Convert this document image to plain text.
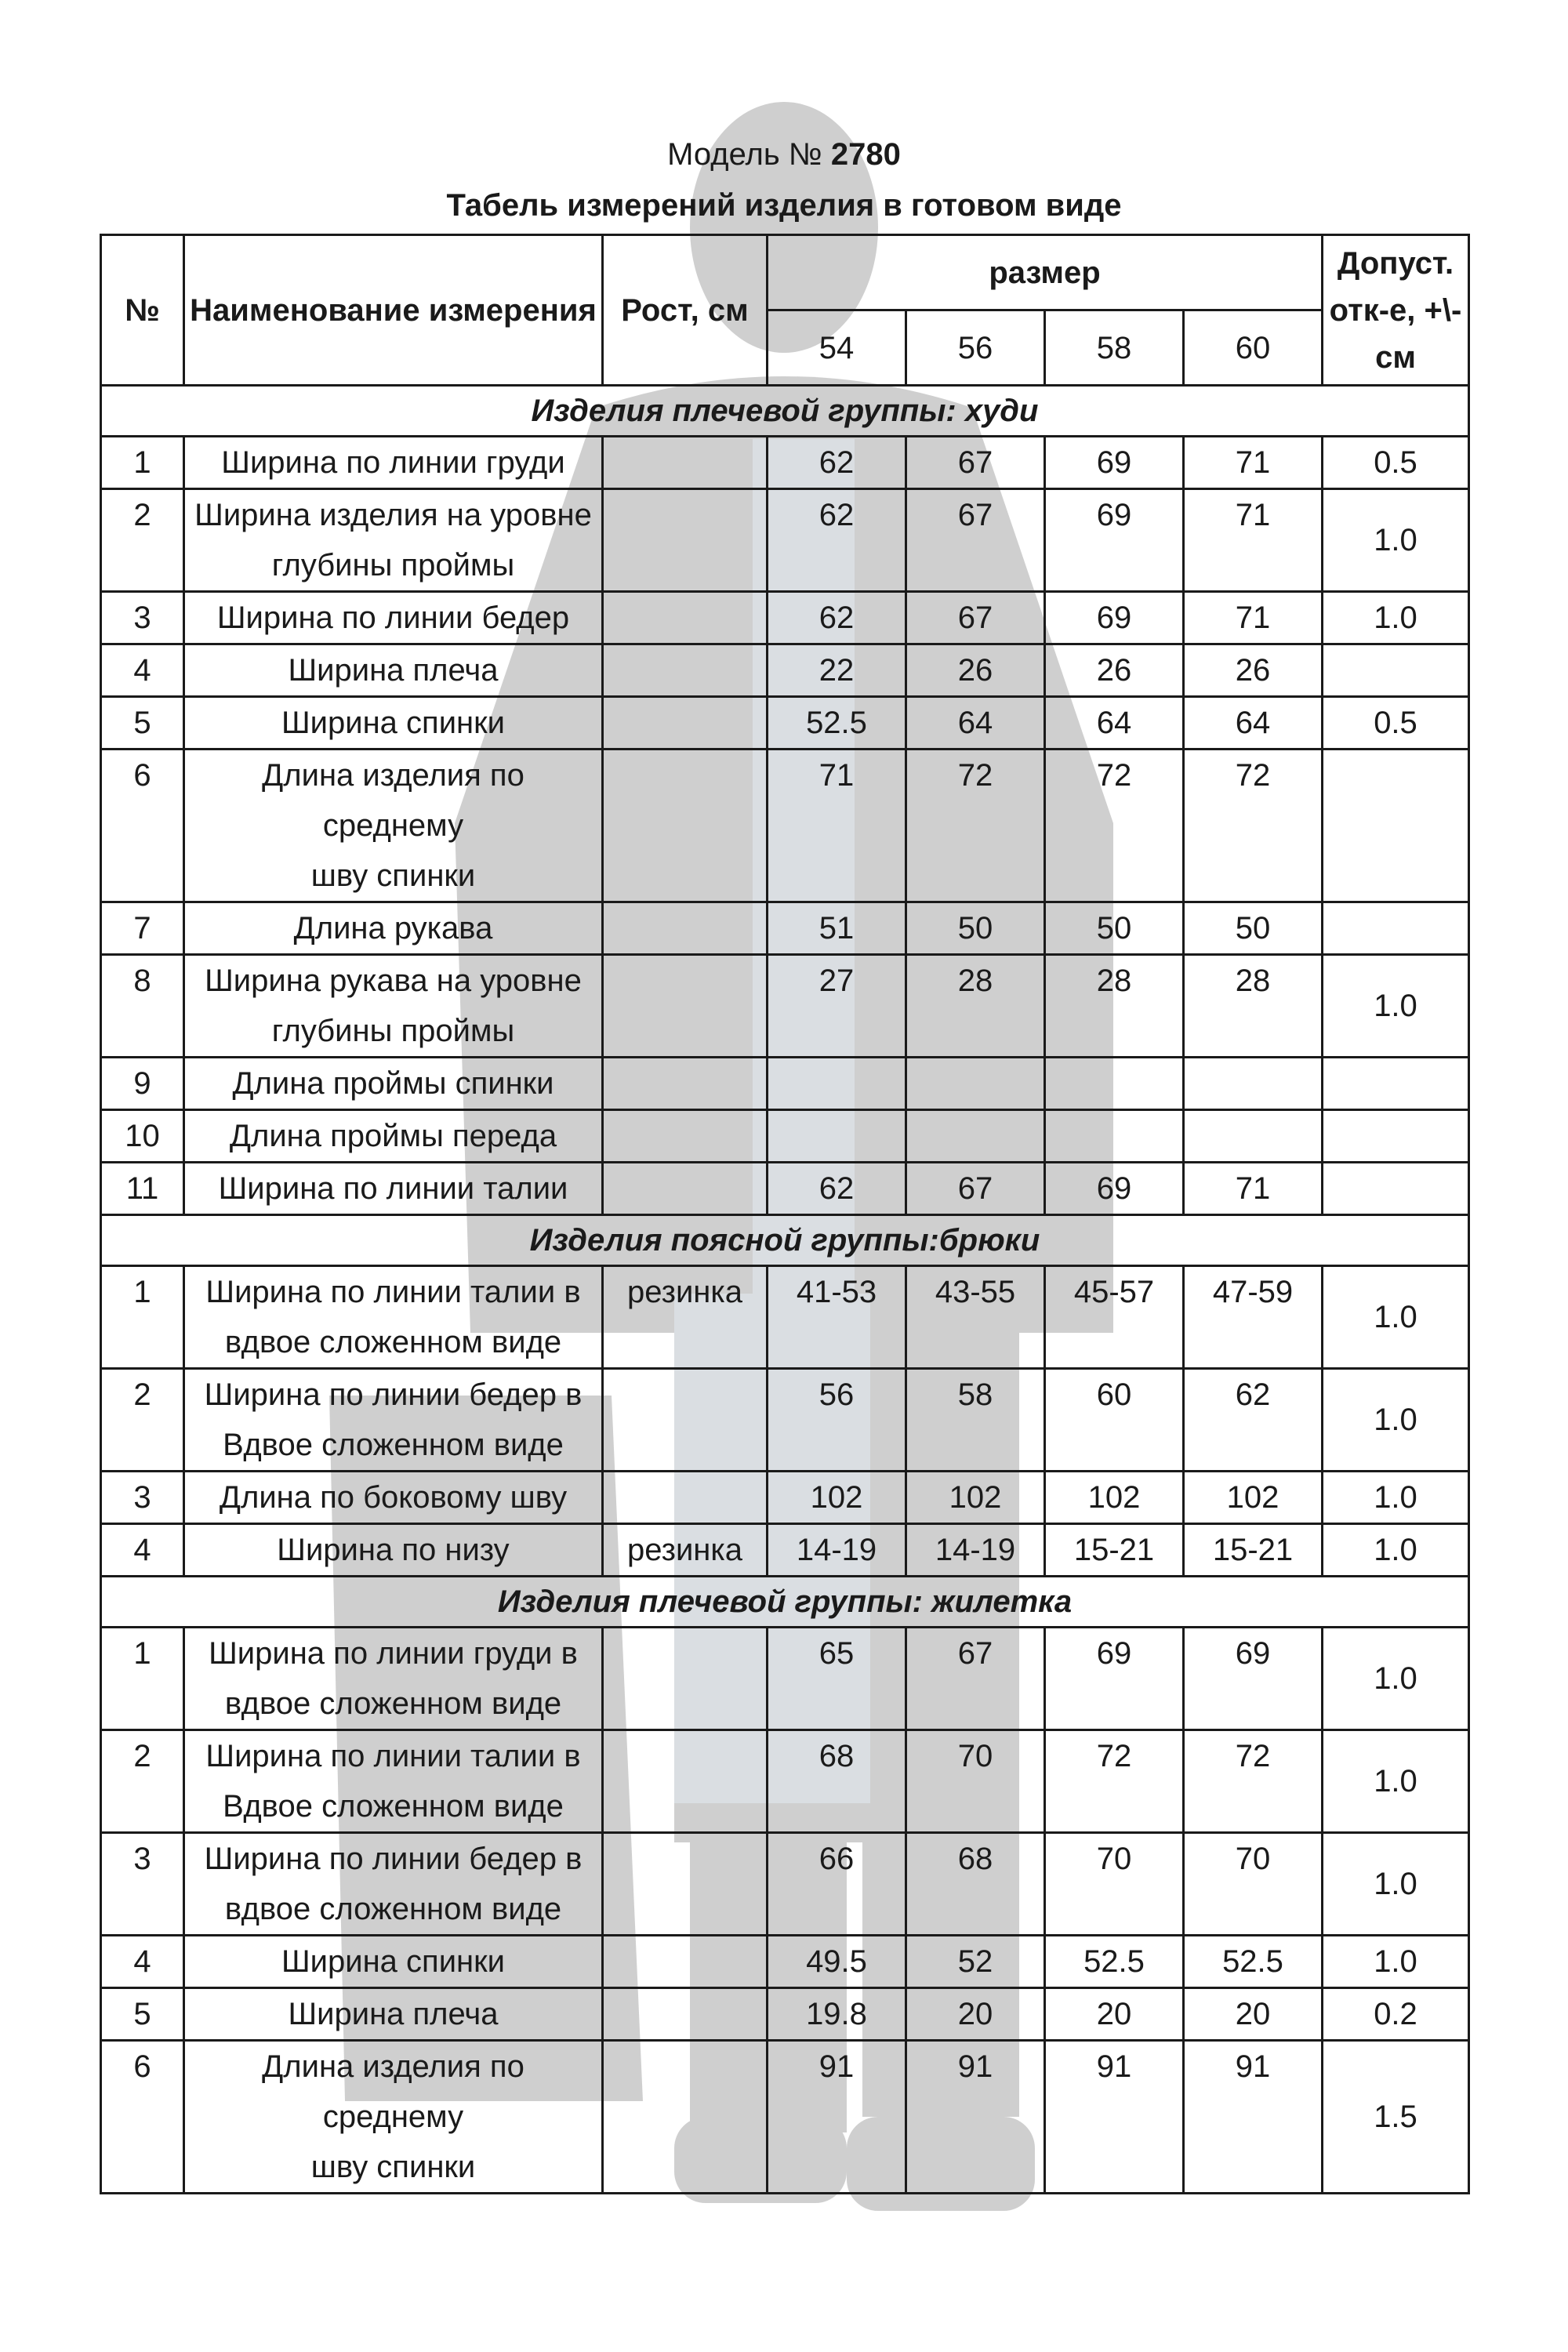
Модель № 2780
Табель измерений изделия в готовом виде
№	Наименование измерения	Рост, см	размер				Допуст. отк-е, +\-см
			54	56	58	60	
Изделия плечевой группы: худи							
1	Ширина по линии груди		62	67	69	71	0.5
2	Ширина изделия на уровне глубины проймы		62	67	69	71	1.0
3	Ширина по линии бедер		62	67	69	71	1.0
4	Ширина плеча		22	26	26	26	
5	Ширина спинки		52.5	64	64	64	0.5
6	Длина изделия по
среднему
шву спинки		71	72	72	72	
7	Длина рукава		51	50	50	50	
8	Ширина рукава на уровне глубины проймы		27	28	28	28	1.0
9	Длина проймы спинки						
10	Длина проймы переда						
11	Ширина по линии талии		62	67	69	71	
Изделия поясной группы:брюки							
1	Ширина по линии талии в вдвое сложенном виде	резинка	41-53	43-55	45-57	47-59	1.0
2	Ширина по линии бедер в Вдвое сложенном виде		56	58	60	62	1.0
3	Длина по боковому шву		102	102	102	102	1.0
4	Ширина по низу	резинка	14-19	14-19	15-21	15-21	1.0
Изделия плечевой группы: жилетка							
1	Ширина по линии груди в вдвое сложенном виде		65	67	69	69	1.0
2	Ширина по линии талии в Вдвое сложенном виде		68	70	72	72	1.0
3	Ширина по линии бедер в вдвое сложенном виде		66	68	70	70	1.0
4	Ширина спинки		49.5	52	52.5	52.5	1.0
5	Ширина плеча		19.8	20	20	20	0.2
6	Длина изделия по
среднему
шву спинки		91	91	91	91	1.5
